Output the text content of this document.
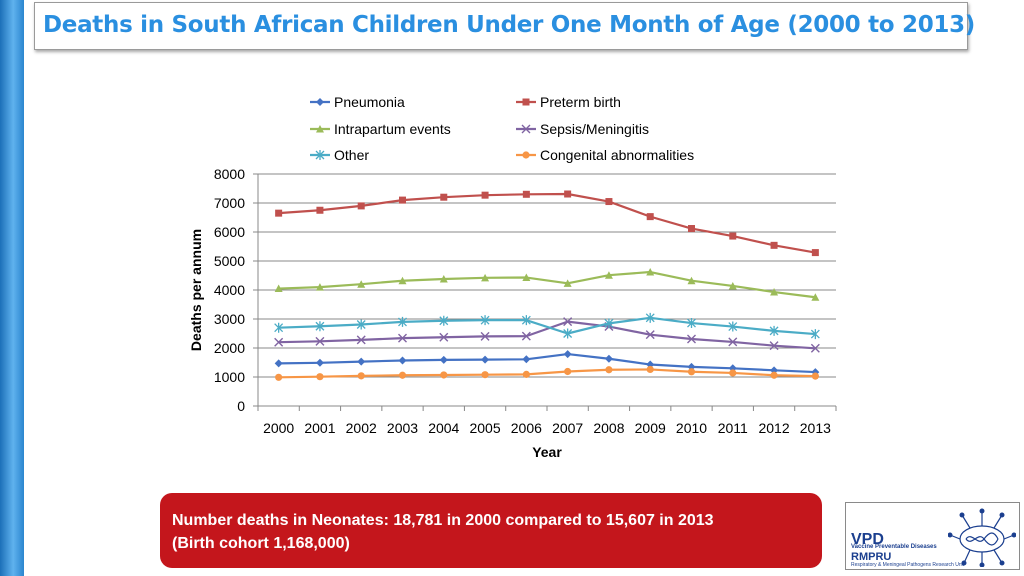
Deaths in South African Children Under One Month of Age (2000 to 2013)
0
1000
2000
3000
4000
5000
6000
7000
8000
2000 2001 2002 2003 2004 2005 2006 2007 2008 2009 2010 2011 2012 2013
Year
Deaths per annum
Pneumonia	Preterm birth
Intrapartum events	Sepsis/Meningitis
Other	Congenital abnormalities
Number deaths in Neonates: 18,781 in 2000 compared to 15,607 in 2013
(Birth cohort 1,168,000)	VPD
Vaccine Preventable Diseases
RMPRU
Respiratory & Meningeal Pathogens Research Unit
